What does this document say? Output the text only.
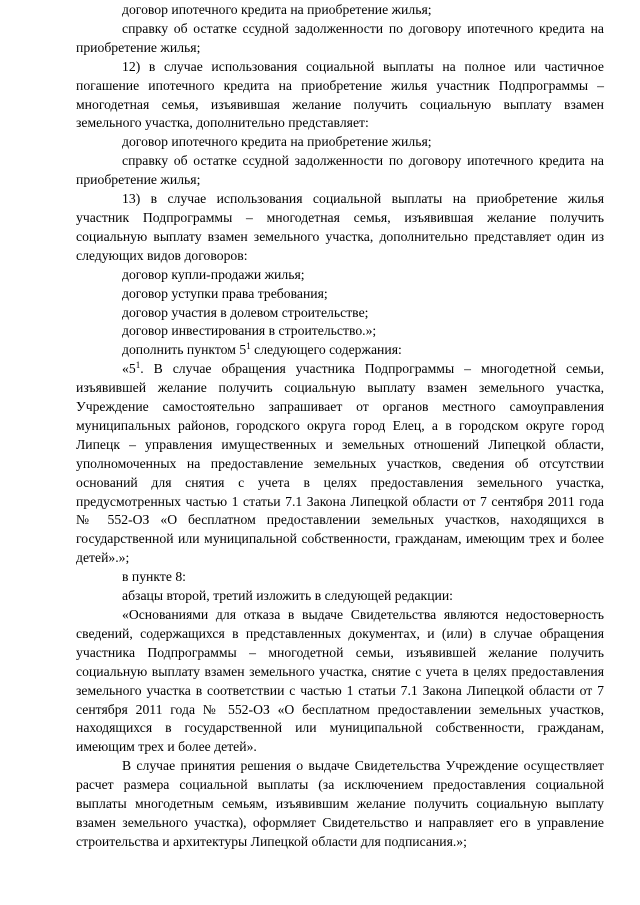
договор ипотечного кредита на приобретение жилья;

справку об остатке ссудной задолженности по договору ипотечного кредита на приобретение жилья;

12) в случае использования социальной выплаты на полное или частичное погашение ипотечного кредита на приобретение жилья участник Подпрограммы – многодетная семья, изъявившая желание получить социальную выплату взамен земельного участка, дополнительно представляет:

договор ипотечного кредита на приобретение жилья;

справку об остатке ссудной задолженности по договору ипотечного кредита на приобретение жилья;

13) в случае использования социальной выплаты на приобретение жилья участник Подпрограммы – многодетная семья, изъявившая желание получить социальную выплату взамен земельного участка, дополнительно представляет один из следующих видов договоров:

договор купли-продажи жилья;

договор уступки права требования;

договор участия в долевом строительстве;

договор инвестирования в строительство.»;

дополнить пунктом $5^1$ следующего содержания:

«$5^1$. В случае обращения участника Подпрограммы – многодетной семьи, изъявившей желание получить социальную выплату взамен земельного участка, Учреждение самостоятельно запрашивает от органов местного самоуправления муниципальных районов, городского округа город Елец, а в городском округе город Липецк – управления имущественных и земельных отношений Липецкой области, уполномоченных на предоставление земельных участков, сведения об отсутствии оснований для снятия с учета в целях предоставления земельного участка, предусмотренных частью 1 статьи 7.1 Закона Липецкой области от 7 сентября 2011 года № 552-ОЗ «О бесплатном предоставлении земельных участков, находящихся в государственной или муниципальной собственности, гражданам, имеющим трех и более детей».»;

в пункте 8:

абзацы второй, третий изложить в следующей редакции:

«Основаниями для отказа в выдаче Свидетельства являются недостоверность сведений, содержащихся в представленных документах, и (или) в случае обращения участника Подпрограммы – многодетной семьи, изъявившей желание получить социальную выплату взамен земельного участка, снятие с учета в целях предоставления земельного участка в соответствии с частью 1 статьи 7.1 Закона Липецкой области от 7 сентября 2011 года № 552-ОЗ «О бесплатном предоставлении земельных участков, находящихся в государственной или муниципальной собственности, гражданам, имеющим трех и более детей».

В случае принятия решения о выдаче Свидетельства Учреждение осуществляет расчет размера социальной выплаты (за исключением предоставления социальной выплаты многодетным семьям, изъявившим желание получить социальную выплату взамен земельного участка), оформляет Свидетельство и направляет его в управление строительства и архитектуры Липецкой области для подписания.»;
